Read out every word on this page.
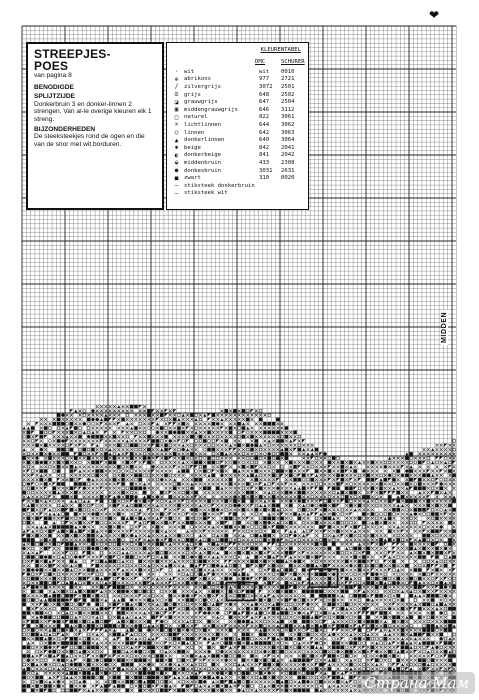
❤
STREEPJES-
POES
van pagina 8
BENODIGDE
SPLIJTZIJDE
Donkerbruin 3 en donker-linnen 2 strengen. Van al-le overige kleuren elk 1 streng.
BIJZONDERHEDEN
De steeksteekjes rond de ogen en die van de snor met wit borduren.
KLEURENTABEL
DMC	SCHURER
·	wit	wit	0010
⊕	abrikoos	977	2721
/	zilvergrijs	3072	2501
⊡	grijs	648	2502
◪	grauwgrijs	647	2504
▣	middengrauwgrijs	646	3112
□	naturel	822	3061
×	lichtlinnen	644	3062
○	linnen	642	3063
▲	donkerlinnen	640	3064
✱	beige	842	2041
◐	donkerbeige	841	2042
◒	middenbruin	433	2308
●	donkesbruin	3031	2631
■	zwart	310	0020
—	stiksteek donkerbruin
—	stiksteek wit
MIDDEN
Страна Мам
